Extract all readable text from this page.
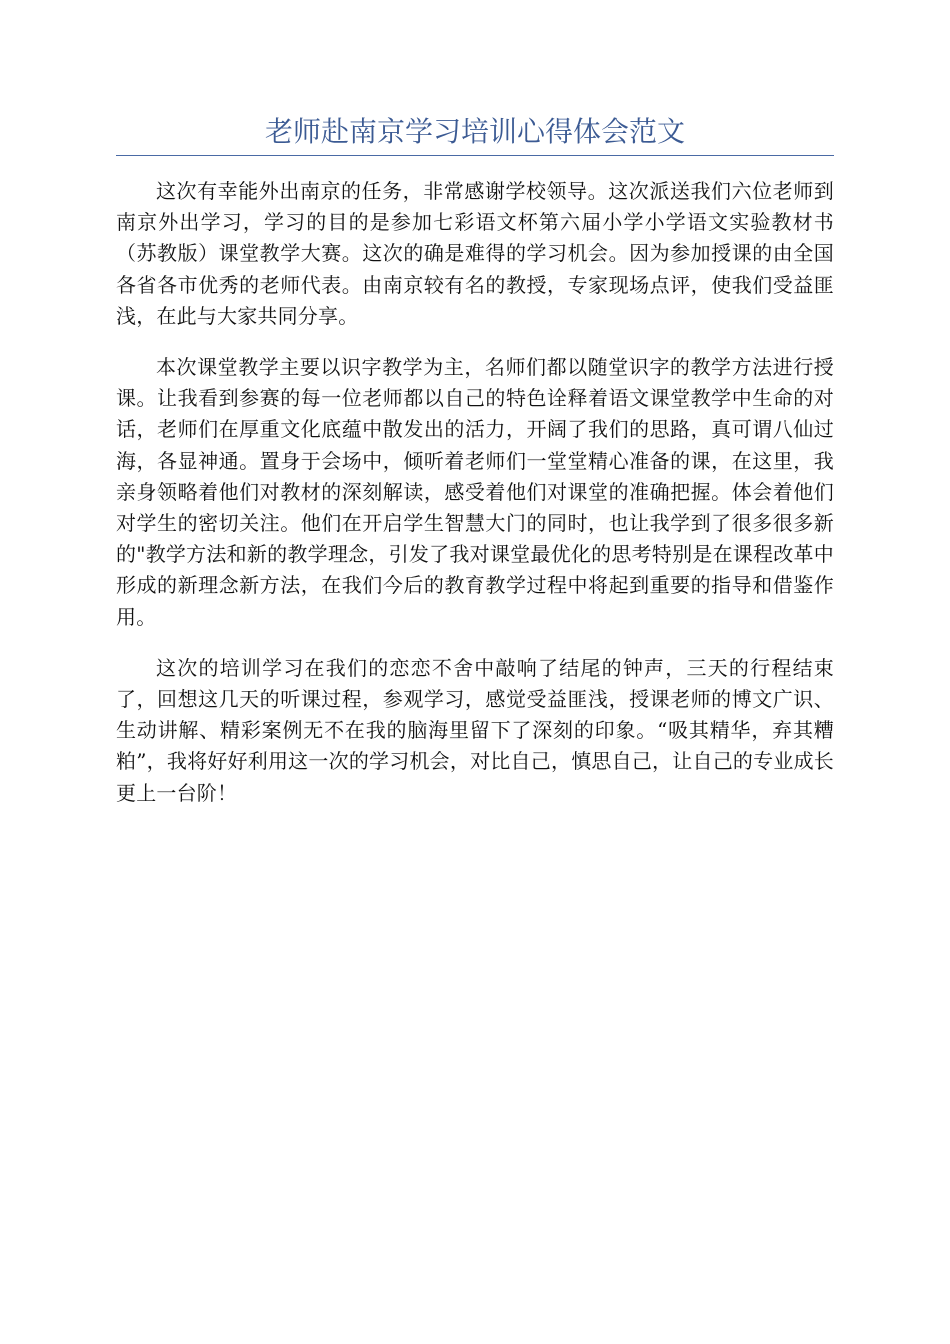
老师赴南京学习培训心得体会范文

这次有幸能外出南京的任务，非常感谢学校领导。这次派送我们六位老师到南京外出学习，学习的目的是参加七彩语文杯第六届小学小学语文实验教材书（苏教版）课堂教学大赛。这次的确是难得的学习机会。因为参加授课的由全国各省各市优秀的老师代表。由南京较有名的教授，专家现场点评，使我们受益匪浅，在此与大家共同分享。

本次课堂教学主要以识字教学为主，名师们都以随堂识字的教学方法进行授课。让我看到参赛的每一位老师都以自己的特色诠释着语文课堂教学中生命的对话，老师们在厚重文化底蕴中散发出的活力，开阔了我们的思路，真可谓八仙过海，各显神通。置身于会场中，倾听着老师们一堂堂精心准备的课，在这里，我亲身领略着他们对教材的深刻解读，感受着他们对课堂的准确把握。体会着他们对学生的密切关注。他们在开启学生智慧大门的同时，也让我学到了很多很多新的"教学方法和新的教学理念，引发了我对课堂最优化的思考特别是在课程改革中形成的新理念新方法，在我们今后的教育教学过程中将起到重要的指导和借鉴作用。

这次的培训学习在我们的恋恋不舍中敲响了结尾的钟声，三天的行程结束了，回想这几天的听课过程，参观学习，感觉受益匪浅，授课老师的博文广识、生动讲解、精彩案例无不在我的脑海里留下了深刻的印象。“吸其精华，弃其糟粕”，我将好好利用这一次的学习机会，对比自己，慎思自己，让自己的专业成长更上一台阶！
